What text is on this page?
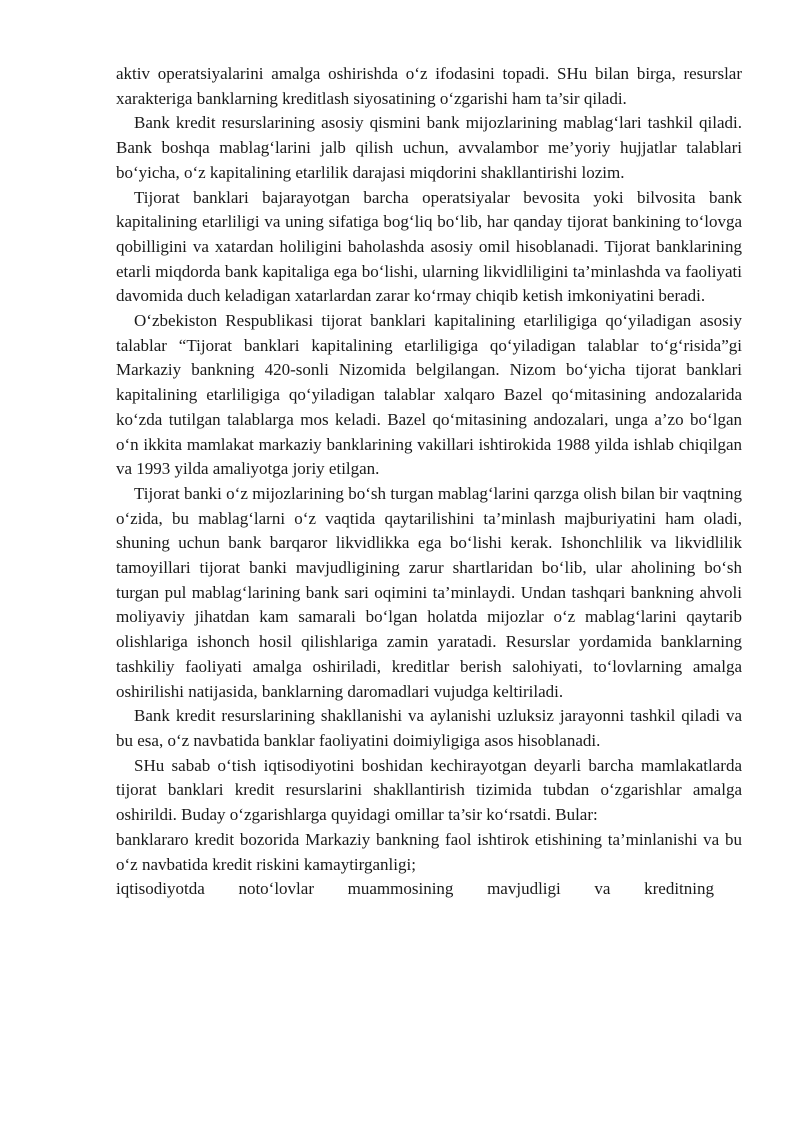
aktiv operatsiyalarini amalga oshirishda o‘z ifodasini topadi. SHu bilan birga, resurslar xarakteriga banklarning kreditlash siyosatining o‘zgarishi ham ta’sir qiladi.

Bank kredit resurslarining asosiy qismini bank mijozlarining mablag‘lari tashkil qiladi. Bank boshqa mablag‘larini jalb qilish uchun, avvalambor me’yoriy hujjatlar talablari bo‘yicha, o‘z kapitalining etarlilik darajasi miqdorini shakllantirishi lozim.

Tijorat banklari bajarayotgan barcha operatsiyalar bevosita yoki bilvosita bank kapitalining etarliligi va uning sifatiga bog‘liq bo‘lib, har qanday tijorat bankining to‘lovga qobilligini va xatardan holiligini baholashda asosiy omil hisoblanadi. Tijorat banklarining etarli miqdorda bank kapitaliga ega bo‘lishi, ularning likvidliligini ta’minlashda va faoliyati davomida duch keladigan xatarlardan zarar ko‘rmay chiqib ketish imkoniyatini beradi.

O‘zbekiston Respublikasi tijorat banklari kapitalining etarliligiga qo‘yiladigan asosiy talablar “Tijorat banklari kapitalining etarliligiga qo‘yiladigan talablar to‘g‘risida”gi Markaziy bankning 420-sonli Nizomida belgilangan. Nizom bo‘yicha tijorat banklari kapitalining etarliligiga qo‘yiladigan talablar xalqaro Bazel qo‘mitasining andozalarida ko‘zda tutilgan talablarga mos keladi. Bazel qo‘mitasining andozalari, unga a’zo bo‘lgan o‘n ikkita mamlakat markaziy banklarining vakillari ishtirokida 1988 yilda ishlab chiqilgan va 1993 yilda amaliyotga joriy etilgan.

Tijorat banki o‘z mijozlarining bo‘sh turgan mablag‘larini qarzga olish bilan bir vaqtning o‘zida, bu mablag‘larni o‘z vaqtida qaytarilishini ta’minlash majburiyatini ham oladi, shuning uchun bank barqaror likvidlikka ega bo‘lishi kerak. Ishonchlilik va likvidlilik tamoyillari tijorat banki mavjudligining zarur shartlaridan bo‘lib, ular aholining bo‘sh turgan pul mablag‘larining bank sari oqimini ta’minlaydi. Undan tashqari bankning ahvoli moliyaviy jihatdan kam samarali bo‘lgan holatda mijozlar o‘z mablag‘larini qaytarib olishlariga ishonch hosil qilishlariga zamin yaratadi. Resurslar yordamida banklarning tashkiliy faoliyati amalga oshiriladi, kreditlar berish salohiyati, to‘lovlarning amalga oshirilishi natijasida, banklarning daromadlari vujudga keltiriladi.

Bank kredit resurslarining shakllanishi va aylanishi uzluksiz jarayonni tashkil qiladi va bu esa, o‘z navbatida banklar faoliyatini doimiyligiga asos hisoblanadi.

SHu sabab o‘tish iqtisodiyotini boshidan kechirayotgan deyarli barcha mamlakatlarda tijorat banklari kredit resurslarini shakllantirish tizimida tubdan o‘zgarishlar amalga oshirildi. Buday o‘zgarishlarga quyidagi omillar ta’sir ko‘rsatdi. Bular:

banklararo kredit bozorida Markaziy bankning faol ishtirok etishining ta’minlanishi va bu o‘z navbatida kredit riskini kamaytirganligi;

iqtisodiyotda noto‘lovlar muammosining mavjudligi va kreditning
